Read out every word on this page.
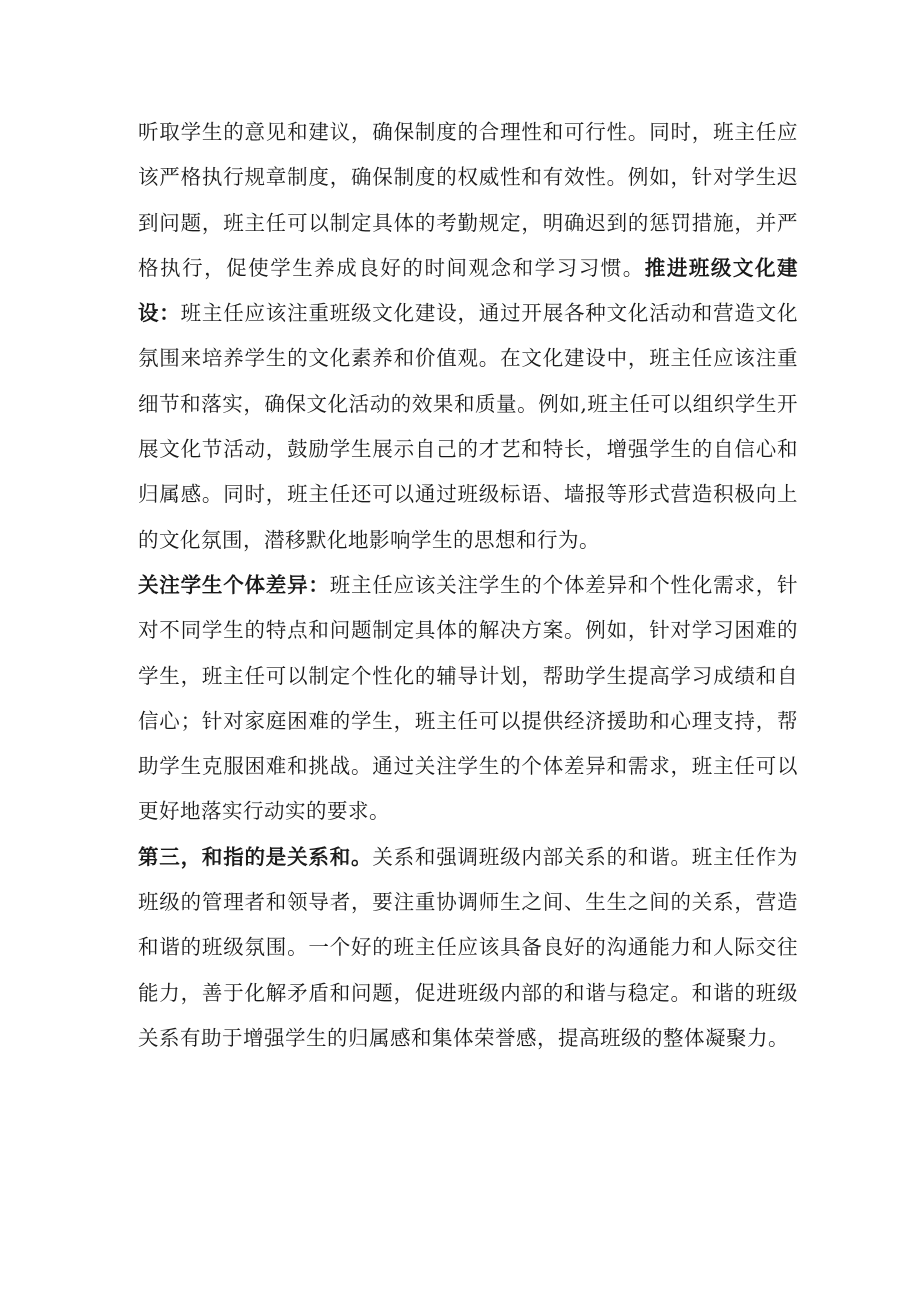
听取学生的意见和建议，确保制度的合理性和可行性。同时，班主任应该严格执行规章制度，确保制度的权威性和有效性。例如，针对学生迟到问题，班主任可以制定具体的考勤规定，明确迟到的惩罚措施，并严格执行，促使学生养成良好的时间观念和学习习惯。推进班级文化建设：班主任应该注重班级文化建设，通过开展各种文化活动和营造文化氛围来培养学生的文化素养和价值观。在文化建设中，班主任应该注重细节和落实，确保文化活动的效果和质量。例如,班主任可以组织学生开展文化节活动，鼓励学生展示自己的才艺和特长，增强学生的自信心和归属感。同时，班主任还可以通过班级标语、墙报等形式营造积极向上的文化氛围，潜移默化地影响学生的思想和行为。

关注学生个体差异：班主任应该关注学生的个体差异和个性化需求，针对不同学生的特点和问题制定具体的解决方案。例如，针对学习困难的学生，班主任可以制定个性化的辅导计划，帮助学生提高学习成绩和自信心；针对家庭困难的学生，班主任可以提供经济援助和心理支持，帮助学生克服困难和挑战。通过关注学生的个体差异和需求，班主任可以更好地落实行动实的要求。

第三，和指的是关系和。关系和强调班级内部关系的和谐。班主任作为班级的管理者和领导者，要注重协调师生之间、生生之间的关系，营造和谐的班级氛围。一个好的班主任应该具备良好的沟通能力和人际交往能力，善于化解矛盾和问题，促进班级内部的和谐与稳定。和谐的班级关系有助于增强学生的归属感和集体荣誉感，提高班级的整体凝聚力。
